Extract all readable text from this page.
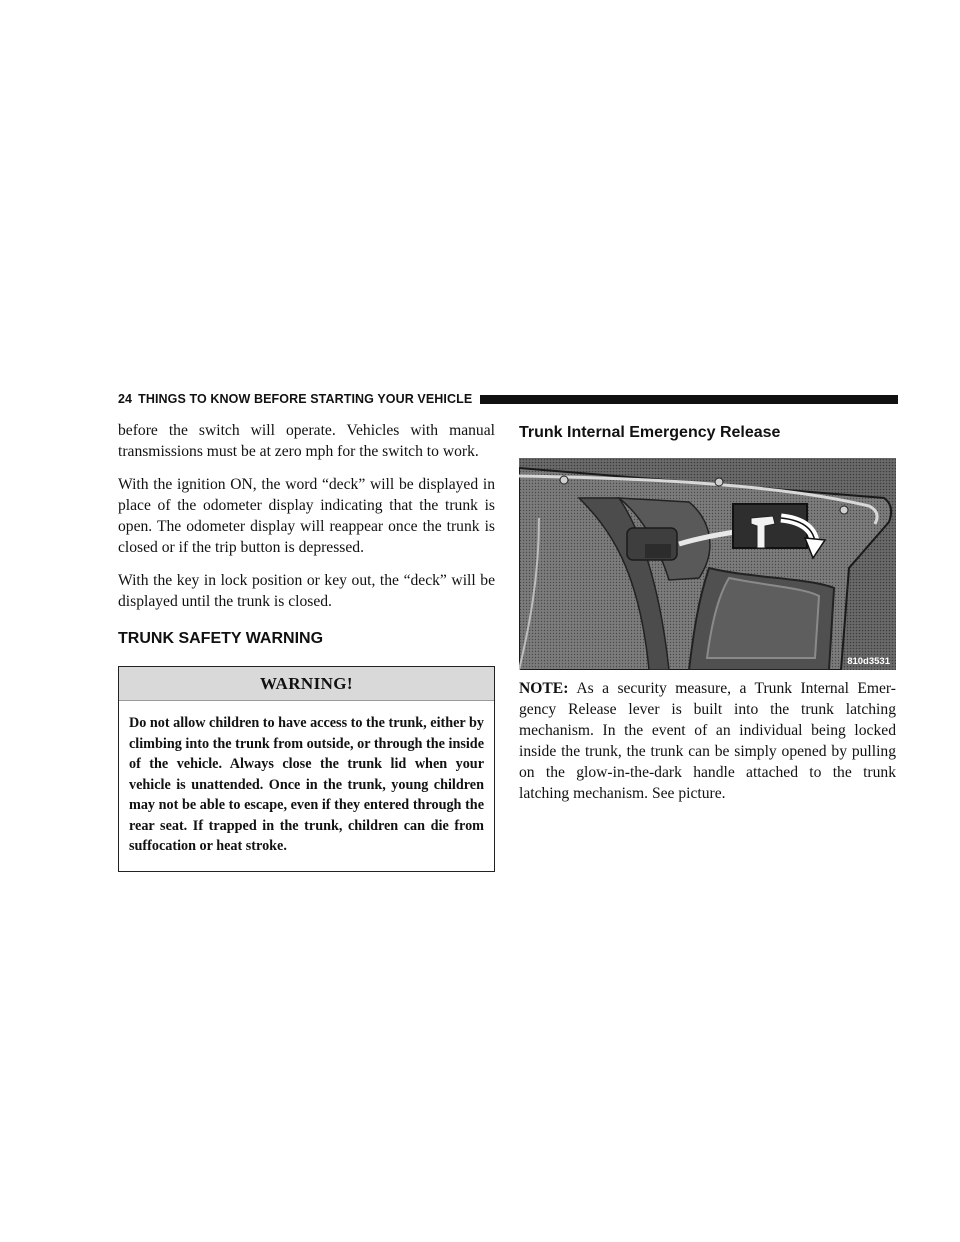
24 THINGS TO KNOW BEFORE STARTING YOUR VEHICLE

before the switch will operate. Vehicles with manual transmissions must be at zero mph for the switch to work.

With the ignition ON, the word “deck” will be displayed in place of the odometer display indicating that the trunk is open. The odometer display will reappear once the trunk is closed or if the trip button is depressed.

With the key in lock position or key out, the “deck” will be displayed until the trunk is closed.

TRUNK SAFETY WARNING
WARNING!
Do not allow children to have access to the trunk, either by climbing into the trunk from outside, or through the inside of the vehicle. Always close the trunk lid when your vehicle is unattended. Once in the trunk, young children may not be able to escape, even if they entered through the rear seat. If trapped in the trunk, children can die from suffocation or heat stroke.
Trunk Internal Emergency Release
810d3531

NOTE: As a security measure, a Trunk Internal Emer-gency Release lever is built into the trunk latching mechanism. In the event of an individual being locked inside the trunk, the trunk can be simply opened by pulling on the glow-in-the-dark handle attached to the trunk latching mechanism. See picture.
